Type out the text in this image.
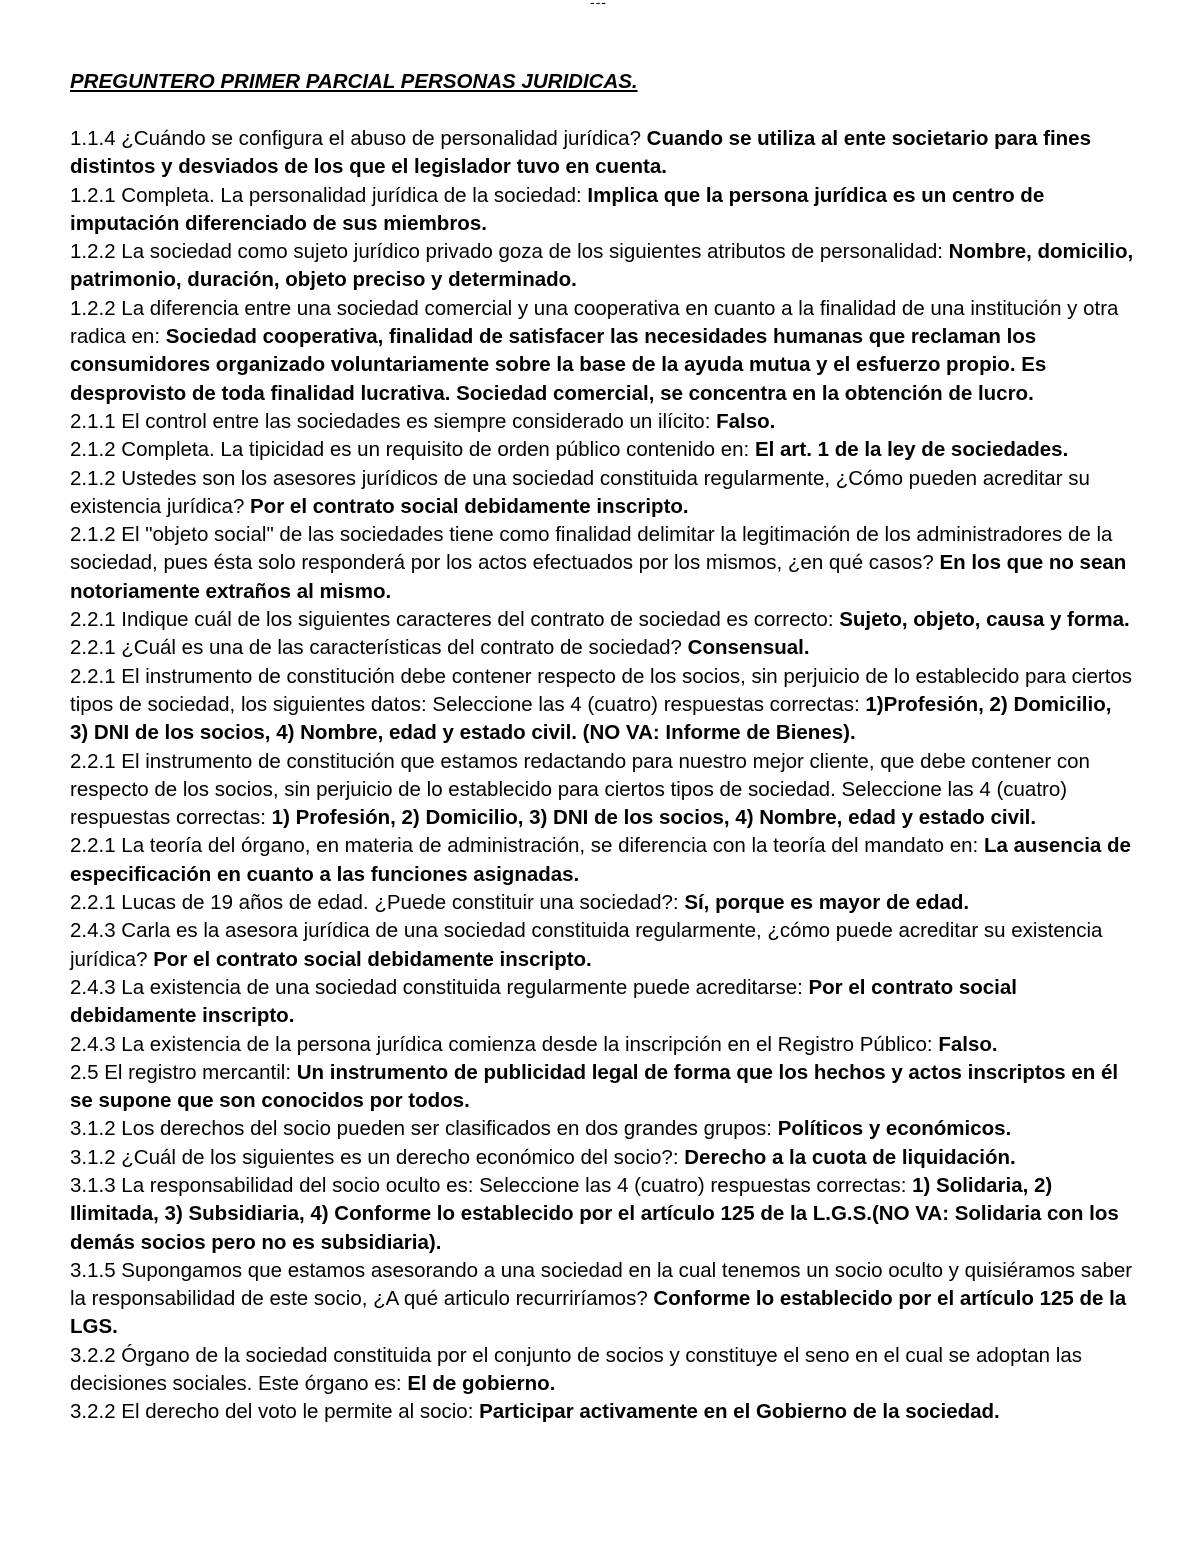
---
PREGUNTERO PRIMER PARCIAL PERSONAS JURIDICAS.

1.1.4 ¿Cuándo se configura el abuso de personalidad jurídica? Cuando se utiliza al ente societario para fines distintos y desviados de los que el legislador tuvo en cuenta.

1.2.1 Completa. La personalidad jurídica de la sociedad: Implica que la persona jurídica es un centro de imputación diferenciado de sus miembros.

1.2.2 La sociedad como sujeto jurídico privado goza de los siguientes atributos de personalidad: Nombre, domicilio, patrimonio, duración, objeto preciso y determinado.

1.2.2 La diferencia entre una sociedad comercial y una cooperativa en cuanto a la finalidad de una institución y otra radica en: Sociedad cooperativa, finalidad de satisfacer las necesidades humanas que reclaman los consumidores organizado voluntariamente sobre la base de la ayuda mutua y el esfuerzo propio. Es desprovisto de toda finalidad lucrativa. Sociedad comercial, se concentra en la obtención de lucro.

2.1.1 El control entre las sociedades es siempre considerado un ilícito: Falso.

2.1.2 Completa. La tipicidad es un requisito de orden público contenido en: El art. 1 de la ley de sociedades.

2.1.2 Ustedes son los asesores jurídicos de una sociedad constituida regularmente, ¿Cómo pueden acreditar su existencia jurídica? Por el contrato social debidamente inscripto.

2.1.2 El "objeto social" de las sociedades tiene como finalidad delimitar la legitimación de los administradores de la sociedad, pues ésta solo responderá por los actos efectuados por los mismos, ¿en qué casos? En los que no sean notoriamente extraños al mismo.

2.2.1 Indique cuál de los siguientes caracteres del contrato de sociedad es correcto: Sujeto, objeto, causa y forma.

2.2.1 ¿Cuál es una de las características del contrato de sociedad? Consensual.

2.2.1 El instrumento de constitución debe contener respecto de los socios, sin perjuicio de lo establecido para ciertos tipos de sociedad, los siguientes datos: Seleccione las 4 (cuatro) respuestas correctas: 1)Profesión, 2) Domicilio, 3) DNI de los socios, 4) Nombre, edad y estado civil. (NO VA: Informe de Bienes).

2.2.1 El instrumento de constitución que estamos redactando para nuestro mejor cliente, que debe contener con respecto de los socios, sin perjuicio de lo establecido para ciertos tipos de sociedad. Seleccione las 4 (cuatro) respuestas correctas: 1) Profesión, 2) Domicilio, 3) DNI de los socios, 4) Nombre, edad y estado civil.

2.2.1 La teoría del órgano, en materia de administración, se diferencia con la teoría del mandato en: La ausencia de especificación en cuanto a las funciones asignadas.

2.2.1 Lucas de 19 años de edad. ¿Puede constituir una sociedad?: Sí, porque es mayor de edad.

2.4.3 Carla es la asesora jurídica de una sociedad constituida regularmente, ¿cómo puede acreditar su existencia jurídica? Por el contrato social debidamente inscripto.

2.4.3 La existencia de una sociedad constituida regularmente puede acreditarse: Por el contrato social debidamente inscripto.

2.4.3 La existencia de la persona jurídica comienza desde la inscripción en el Registro Público: Falso.

2.5 El registro mercantil: Un instrumento de publicidad legal de forma que los hechos y actos inscriptos en él se supone que son conocidos por todos.

3.1.2 Los derechos del socio pueden ser clasificados en dos grandes grupos: Políticos y económicos.

3.1.2 ¿Cuál de los siguientes es un derecho económico del socio?: Derecho a la cuota de liquidación.

3.1.3 La responsabilidad del socio oculto es: Seleccione las 4 (cuatro) respuestas correctas: 1) Solidaria, 2) Ilimitada, 3) Subsidiaria, 4) Conforme lo establecido por el artículo 125 de la L.G.S.(NO VA: Solidaria con los demás socios pero no es subsidiaria).

3.1.5 Supongamos que estamos asesorando a una sociedad en la cual tenemos un socio oculto y quisiéramos saber la responsabilidad de este socio, ¿A qué articulo recurriríamos? Conforme lo establecido por el artículo 125 de la LGS.

3.2.2 Órgano de la sociedad constituida por el conjunto de socios y constituye el seno en el cual se adoptan las decisiones sociales. Este órgano es: El de gobierno.

3.2.2 El derecho del voto le permite al socio: Participar activamente en el Gobierno de la sociedad.
